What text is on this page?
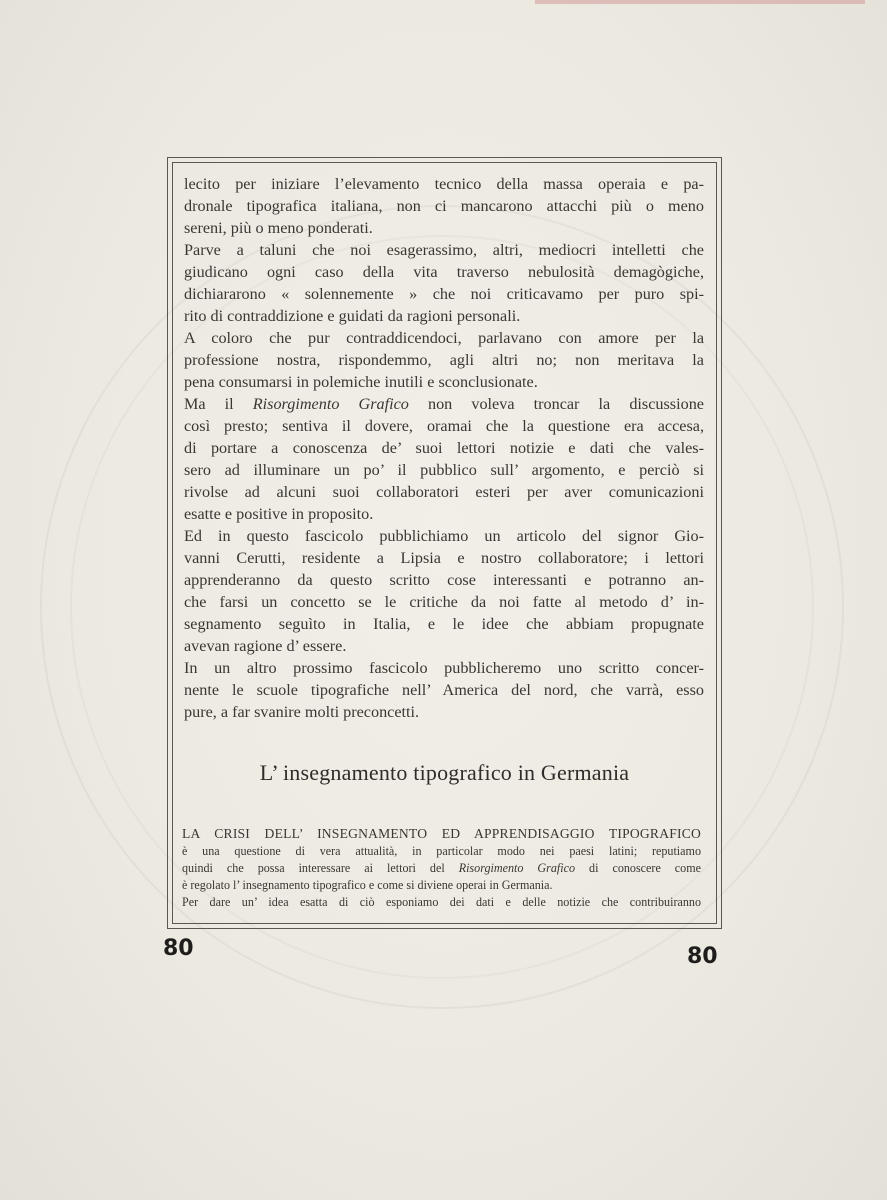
lecito per iniziare l’elevamento tecnico della massa operaia e pa-

dronale tipografica italiana, non ci mancarono attacchi più o meno

sereni, più o meno ponderati.

Parve a taluni che noi esagerassimo, altri, mediocri intelletti che

giudicano ogni caso della vita traverso nebulosità demagògiche,

dichiararono « solennemente » che noi criticavamo per puro spi-

rito di contraddizione e guidati da ragioni personali.

A coloro che pur contraddicendoci, parlavano con amore per la

professione nostra, rispondemmo, agli altri no; non meritava la

pena consumarsi in polemiche inutili e sconclusionate.

Ma il Risorgimento Grafico non voleva troncar la discussione

così presto; sentiva il dovere, oramai che la questione era accesa,

di portare a conoscenza de’ suoi lettori notizie e dati che vales-

sero ad illuminare un po’ il pubblico sull’ argomento, e perciò si

rivolse ad alcuni suoi collaboratori esteri per aver comunicazioni

esatte e positive in proposito.

Ed in questo fascicolo pubblichiamo un articolo del signor Gio-

vanni Cerutti, residente a Lipsia e nostro collaboratore; i lettori

apprenderanno da questo scritto cose interessanti e potranno an-

che farsi un concetto se le critiche da noi fatte al metodo d’ in-

segnamento seguìto in Italia, e le idee che abbiam propugnate

avevan ragione d’ essere.

In un altro prossimo fascicolo pubblicheremo uno scritto concer-

nente le scuole tipografiche nell’ America del nord, che varrà, esso

pure, a far svanire molti preconcetti.

L’ insegnamento tipografico in Germania

LA CRISI DELL’ INSEGNAMENTO ED APPRENDISAGGIO TIPOGRAFICO

è una questione di vera attualità, in particolar modo nei paesi latini; reputiamo

quindi che possa interessare ai lettori del Risorgimento Grafico di conoscere come

è regolato l’ insegnamento tipografico e come si diviene operai in Germania.

Per dare un’ idea esatta di ciò esponiamo dei dati e delle notizie che contribuiranno

80	80
